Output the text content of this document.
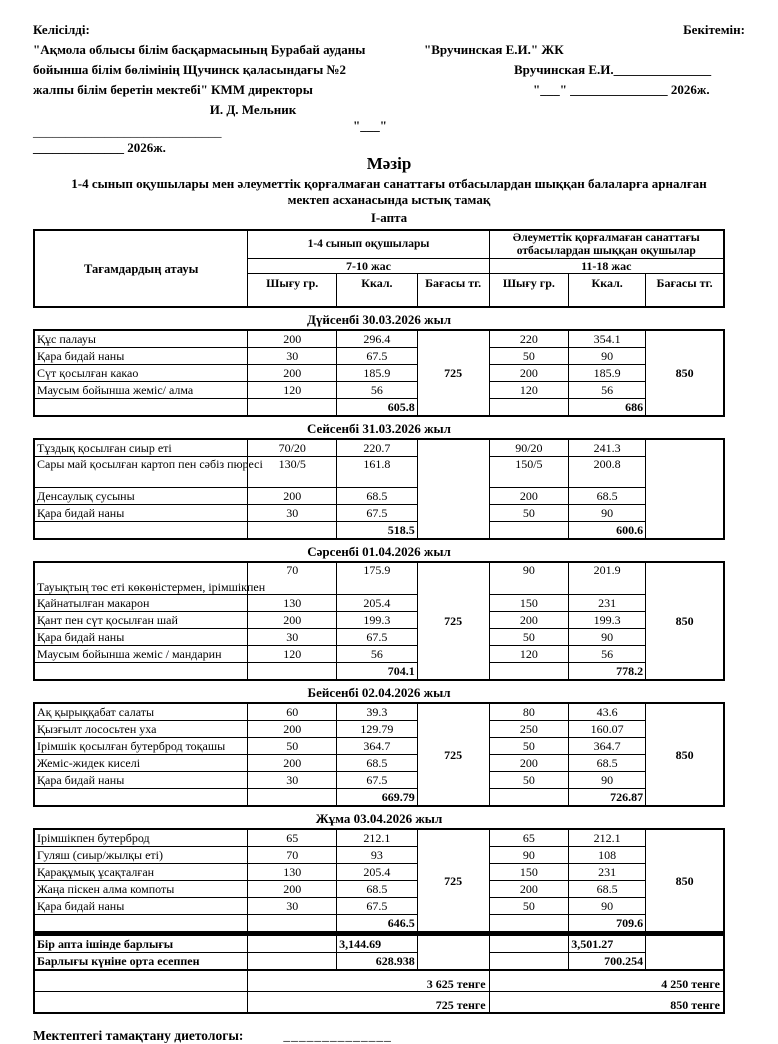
Келісілді:	Бекітемін:
"Ақмола облысы білім басқармасының Бурабай ауданы	"Вручинская Е.И." ЖК
бойынша білім бөлімінің Щучинск қаласындағы №2	Вручинская Е.И._______________
жалпы білім беретін мектебі" КММ директоры	"___" _______________ 2026ж.
И. Д. Мельник
"___"
_____________________________
______________ 2026ж.
Мәзір
1-4 сынып оқушылары мен әлеуметтік қорғалмаған санаттағы отбасылардан шыққан балаларға арналған
мектеп асханасында ыстық тамақ
І-апта
Тағамдардың атауы	1-4 сынып оқушылары			Әлеуметтік қорғалмаған санаттағы отбасылардан шыққан оқушылар		
	7-10 жас			11-18 жас		
	Шығу гр.	Ккал.	Бағасы тг.	Шығу гр.	Ккал.	Бағасы тг.
Дүйсенбі 30.03.2026 жыл
Құс палауы	200	296.4	725	220	354.1	850
Қара бидай наны	30	67.5		50	90	
Сүт қосылған какао	200	185.9		200	185.9	
Маусым бойынша жеміс/ алма	120	56		120	56	
		605.8			686	
Сейсенбі 31.03.2026 жыл
Тұздық қосылған сиыр еті	70/20	220.7		90/20	241.3	
Сары май қосылған картоп пен сәбіз пюресі	130/5	161.8		150/5	200.8	
Денсаулық сусыны	200	68.5		200	68.5	
Қара бидай наны	30	67.5		50	90	
		518.5			600.6	
Сәрсенбі 01.04.2026 жыл
Тауықтың төс еті көкөністермен, ірімшікпен	70	175.9	725	90	201.9	850
Қайнатылған макарон	130	205.4		150	231	
Қант пен сүт қосылған шай	200	199.3		200	199.3	
Қара бидай наны	30	67.5		50	90	
Маусым бойынша жеміс / мандарин	120	56		120	56	
		704.1			778.2	
Бейсенбі 02.04.2026 жыл
Ақ қырыққабат салаты	60	39.3	725	80	43.6	850
Қызғылт лососьтен уха	200	129.79		250	160.07	
Ірімшік қосылған бутерброд тоқашы	50	364.7		50	364.7	
Жеміс-жидек киселі	200	68.5		200	68.5	
Қара бидай наны	30	67.5		50	90	
		669.79			726.87	
Жұма 03.04.2026 жыл
Ірімшікпен бутерброд	65	212.1	725	65	212.1	850
Гуляш (сиыр/жылқы еті)	70	93		90	108	
Қарақұмық ұсақталған	130	205.4		150	231	
Жаңа піскен алма компоты	200	68.5		200	68.5	
Қара бидай наны	30	67.5		50	90	
		646.5			709.6	
Бір апта ішінде барлығы		3,144.69			3,501.27	
Барлығы күніне орта есеппен		628.938			700.254	
	3 625 тенге			4 250 тенге		
	725 тенге			850 тенге		
Мектептегі тамақтану диетологы:	______________
